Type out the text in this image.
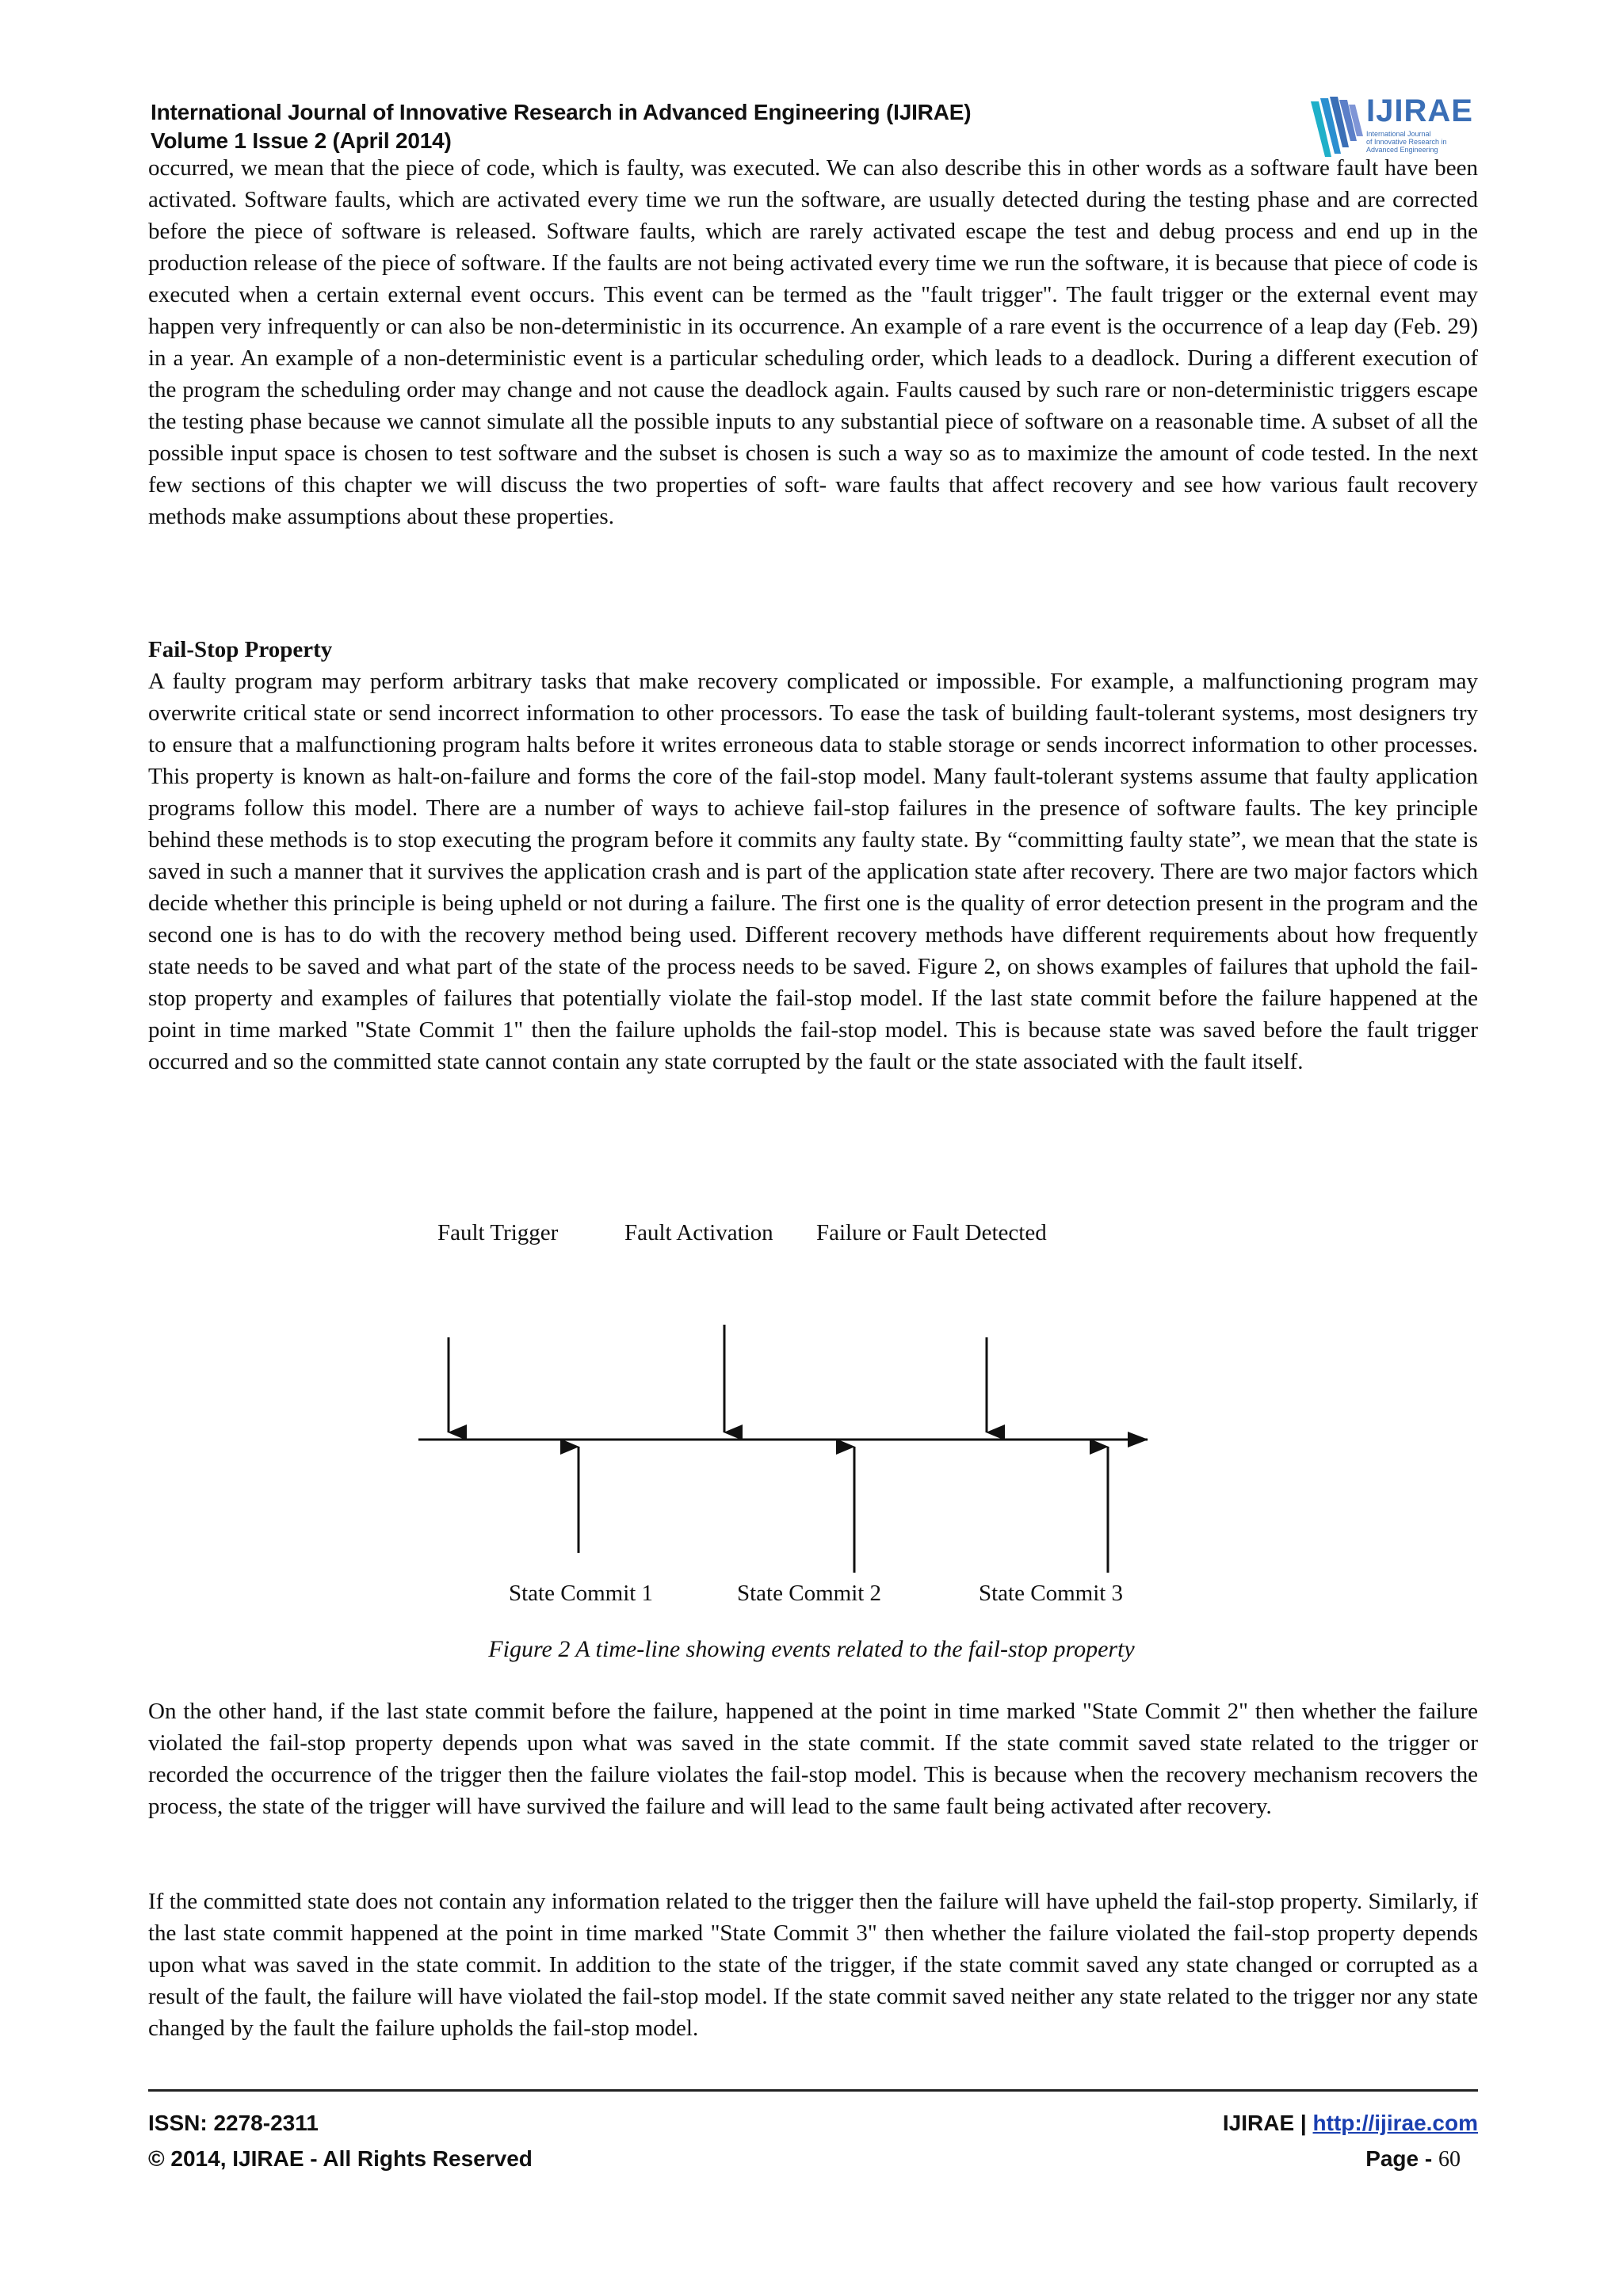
International Journal of Innovative Research in Advanced Engineering (IJIRAE)
Volume 1 Issue 2 (April 2014)
IJIRAE
International Journal
of Innovative Research in
Advanced Engineering
occurred, we mean that the piece of code, which is faulty, was executed. We can also describe this in other words as a software fault have been activated. Software faults, which are activated every time we run the software, are usually detected during the testing phase and are corrected before the piece of software is released. Software faults, which are rarely activated escape the test and debug process and end up in the production release of the piece of software. If the faults are not being activated every time we run the software, it is because that piece of code is executed when a certain external event occurs. This event can be termed as the "fault trigger". The fault trigger or the external event may happen very infrequently or can also be non-deterministic in its occurrence. An example of a rare event is the occurrence of a leap day (Feb. 29) in a year. An example of a non-deterministic event is a particular scheduling order, which leads to a deadlock. During a different execution of the program the scheduling order may change and not cause the deadlock again. Faults caused by such rare or non-deterministic triggers escape the testing phase because we cannot simulate all the possible inputs to any substantial piece of software on a reasonable time. A subset of all the possible input space is chosen to test software and the subset is chosen is such a way so as to maximize the amount of code tested. In the next few sections of this chapter we will discuss the two properties of soft- ware faults that affect recovery and see how various fault recovery methods make assumptions about these properties.
Fail-Stop Property
A faulty program may perform arbitrary tasks that make recovery complicated or impossible. For example, a malfunctioning program may overwrite critical state or send incorrect information to other processors. To ease the task of building fault-tolerant systems, most designers try to ensure that a malfunctioning program halts before it writes erroneous data to stable storage or sends incorrect information to other processes. This property is known as halt-on-failure and forms the core of the fail-stop model. Many fault-tolerant systems assume that faulty application programs follow this model. There are a number of ways to achieve fail-stop failures in the presence of software faults. The key principle behind these methods is to stop executing the program before it commits any faulty state. By “committing faulty state”, we mean that the state is saved in such a manner that it survives the application crash and is part of the application state after recovery. There are two major factors which decide whether this principle is being upheld or not during a failure. The first one is the quality of error detection present in the program and the second one is has to do with the recovery method being used. Different recovery methods have different requirements about how frequently state needs to be saved and what part of the state of the process needs to be saved. Figure 2, on shows examples of failures that uphold the fail-stop property and examples of failures that potentially violate the fail-stop model. If the last state commit before the failure happened at the point in time marked "State Commit 1" then the failure upholds the fail-stop model. This is because state was saved before the fault trigger occurred and so the committed state cannot contain any state corrupted by the fault or the state associated with the fault itself.
Fault Trigger	Fault Activation Failure or Fault Detected
State Commit 1	State Commit 2	State Commit 3
Figure 2 A time-line showing events related to the fail-stop property
On the other hand, if the last state commit before the failure, happened at the point in time marked "State Commit 2" then whether the failure violated the fail-stop property depends upon what was saved in the state commit. If the state commit saved state related to the trigger or recorded the occurrence of the trigger then the failure violates the fail-stop model. This is because when the recovery mechanism recovers the process, the state of the trigger will have survived the failure and will lead to the same fault being activated after recovery.
If the committed state does not contain any information related to the trigger then the failure will have upheld the fail-stop property. Similarly, if the last state commit happened at the point in time marked "State Commit 3" then whether the failure violated the fail-stop property depends upon what was saved in the state commit. In addition to the state of the trigger, if the state commit saved any state changed or corrupted as a result of the fault, the failure will have violated the fail-stop model. If the state commit saved neither any state related to the trigger nor any state changed by the fault the failure upholds the fail-stop model.
ISSN: 2278-2311
© 2014, IJIRAE - All Rights Reserved
IJIRAE | http://ijirae.com
Page - 60
